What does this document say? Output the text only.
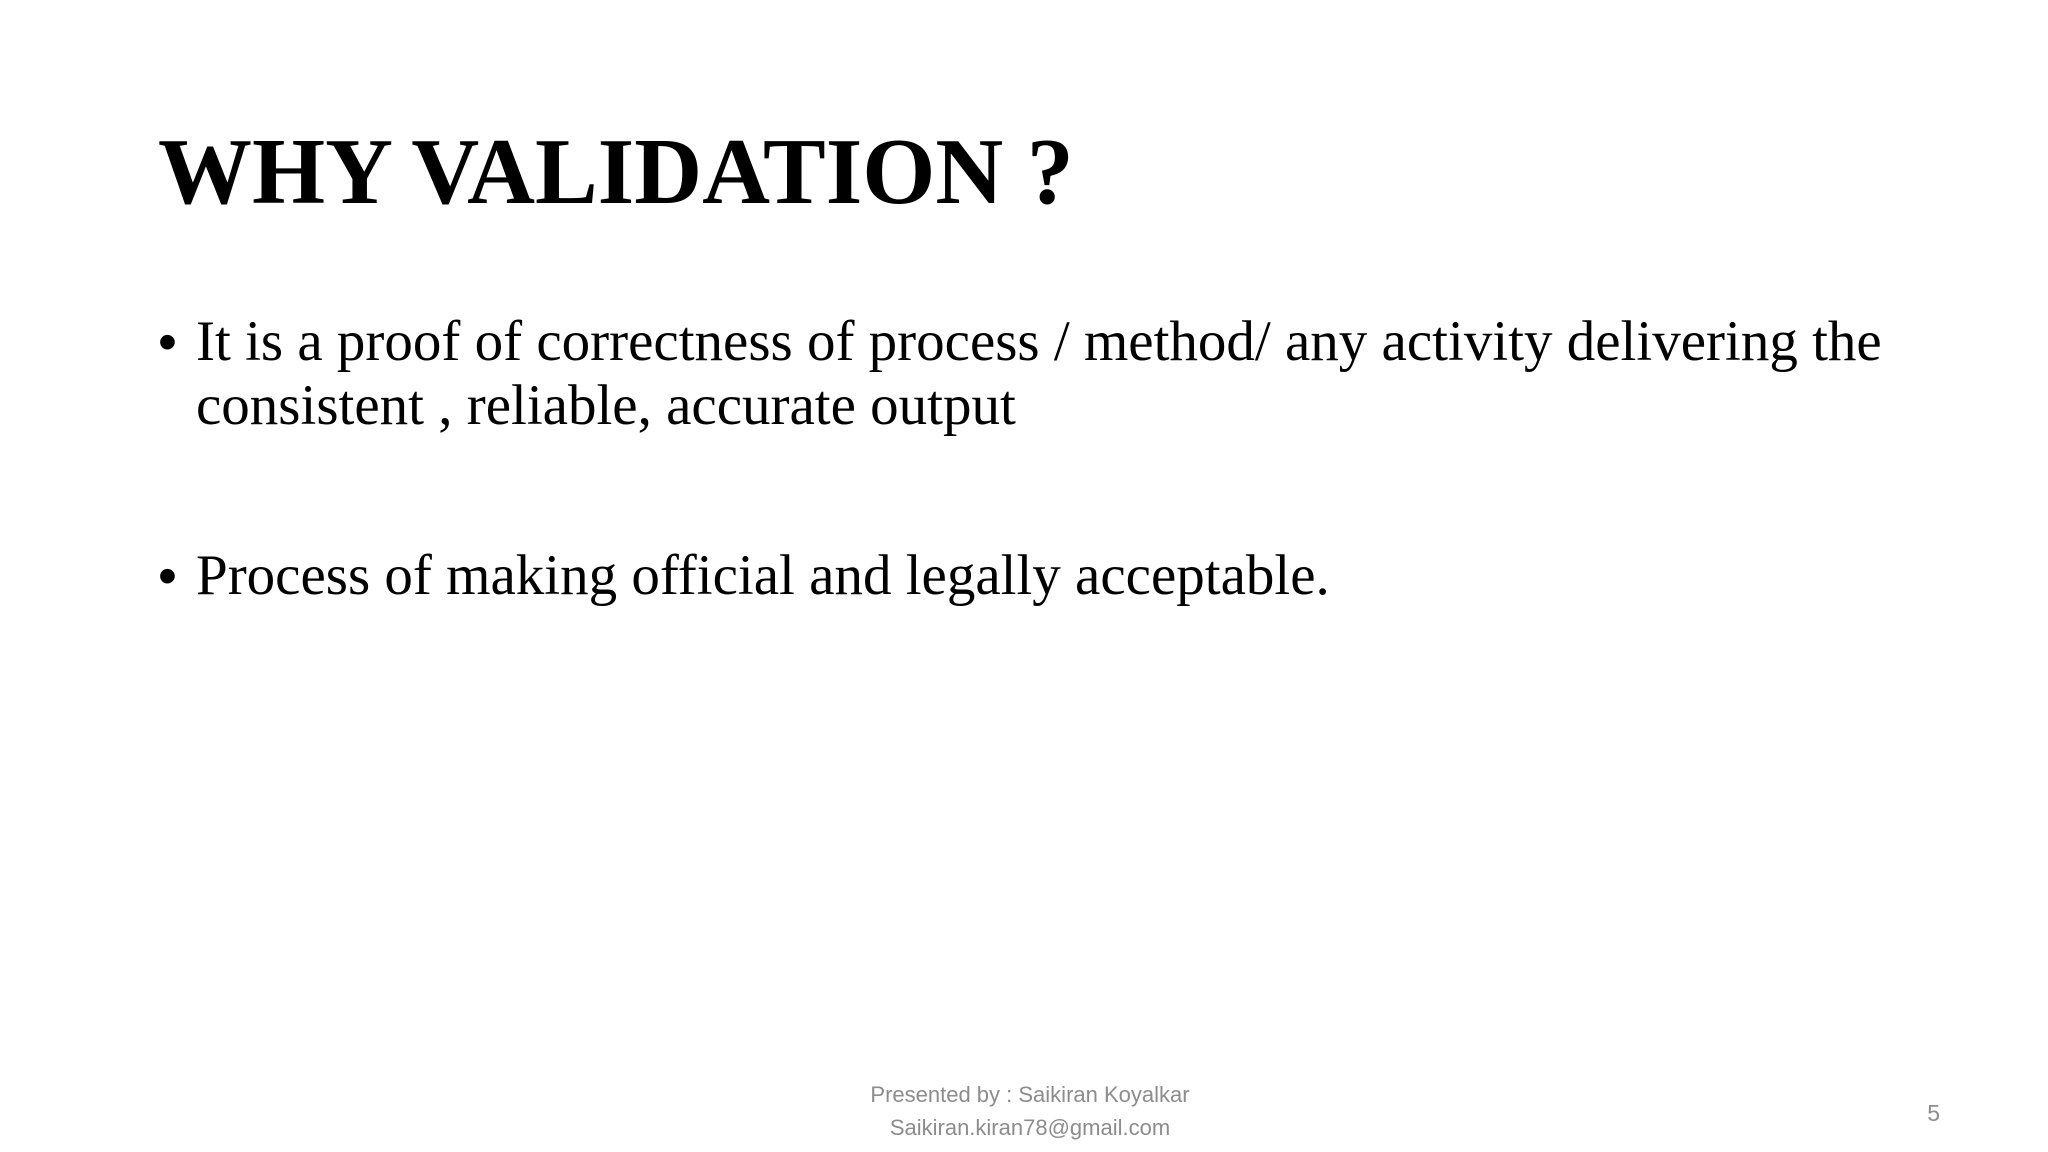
WHY VALIDATION ?
• It is a proof of correctness of process / method/ any activity delivering the consistent , reliable, accurate output
• Process of making official and legally acceptable.
Presented by : Saikiran Koyalkar
Saikiran.kiran78@gmail.com
5
